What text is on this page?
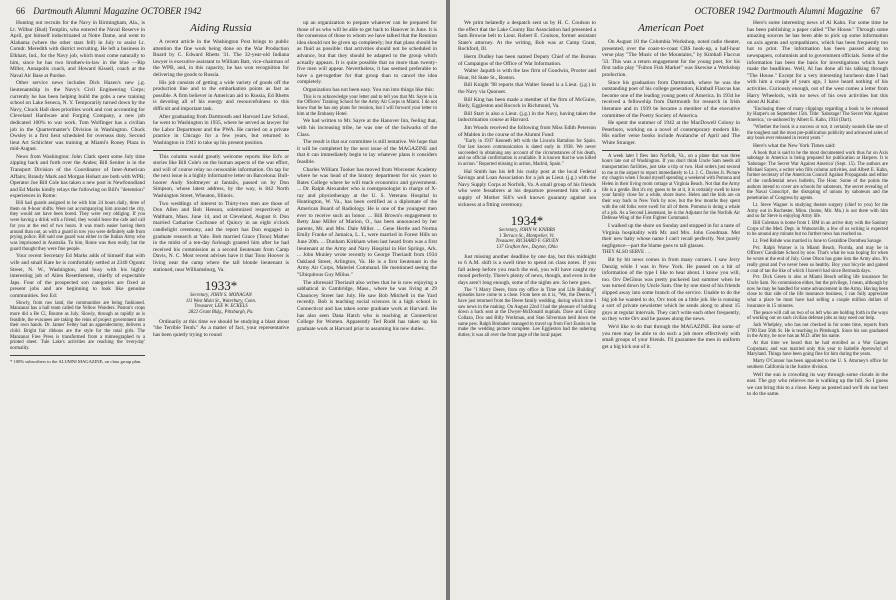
66 Dartmouth Alumni Magazine OCTOBER 1942

Hunting out recruits for the Navy in Birmingham, Ala., is Lt. Wilbur (Bud) Templin, who entered the Naval Reserve in April, got himself indoctrinated at Notre Dame, and went to Alabama (where the other stars fell) in July to assist Lt. Comdr. Meredith with district recruiting. He left a business in Elkhart, Ind., for the Navy job, which must come naturally to him, since he has two brothers-in-law in the blue —Rip Miller, Annapolis coach, and Howard Kissell, coach at the Naval Air Base at Purdue.

Other service news includes Dick Hazen's new j.g. lieutenantship in the Navy's Civil Engineering Corps; currently he has been helping build the gobs a new training school on Lake Seneca, N. Y. Temporarily turned down by the Navy, Chuck Hall does priorities work and cost accounting for Cleveland Hardware and Forging Company, a new job dedicated 100% to war work. Tom Wolfinger has a civilian job in the Quartermaster's Division in Washington. Chuck Owsley is a first lieut scheduled for overseas duty. Second lieut Art Schlichter was training at Miami's Roney Plaza in mid-August.

News from Washington: John Clark spent some July time zipping back and forth over the Andes; Bill Seniter is in the Transport Division of the Coordinator of Inter-American Affairs; Brandy Mark and Morgan Hobart are both with WPB; Operator Joe Bill Cole has taken a new post in Newfoundland and Ed Marks kindly relays the following on Bill's "detention" experiences in Rome:

Bill had guards assigned to be with him 24 hours daily, three of them on 8-hour shifts. Were not accompanying him around the city, they would not have been bored. They were very obliging. If you were having a drink with a friend, they would leave the cafe and call for you at the end of two hours. It was much easier having them around than not, as with a guard in tow you were definitely safe from prying police. Bill said one guard was either in the Italian Army who was imprisoned in Australia. To him, Rome was then really, but the guard thought they were fine people.

Your recent Secretary Ed Marks adds of himself that with wife and small Kate he is comfortably settled at 2340 Ogontz Street, N. W., Washington, and busy with his highly interesting job of Alien Resettlement, chiefly of expectable Japs. Four of the prospected son categories are fixed at present jobs and are beginning to look like genuine communities. Sez Ed:

Slowly, from raw land, the communities are being fashioned. Manzanar has a hall team called the Yellow Wonders. Poston's crops more did a Be Ci, Bourne as July. Slowly, through as rapidly as is feasible, the evacuees are taking the reins of project government into their own hands. Dr. James' Feltey had an appendectomy, delivers a child. Bright fair ribbons are the style for the total girls. The Manzanar Free Press is transformed from a mimeographed to a printed sheet. Tule Lake's activities are reaching the 'everyday' normality.

* 100% subscribers to the ALUMNI MAGAZINE, on class group plan.
Aiding Russia

A recent article in the Washington Post brings to public attention the fine work being done on the War Production Board by C. Edward Rhetts '31. The 32-year-old Indiana lawyer is executive assistant to William Batt, vice-chairman of the WPB, and, in this capacity, he has won recognition for delivering the goods to Russia.

His job consists of getting a wide variety of goods off the production line and to the embarkation points as fast as possible. A firm believer in American aid to Russia, Ed Rhetts is devoting all of his energy and resourcefulness to this difficult and important task.

After graduating from Dartmouth and Harvard Law School, he went to Washington in 1935, where he served as lawyer for the Labor Department and the PWA. He carried on a private practice in Chicago for a few years, but returned to Washington in 1941 to take up his present position.

This column would greatly welcome reports like Ed's or stories like Bill Cole's on the human aspects of the war effort, and will of course relay no censorable information. On tap for the next issue is a highly informative letter on Barcelona: Bull-hoorer Andy Stoltmeyer at fantails, passed on by Don Simpson, whose latest address, by the way, is 842 North Washington Street, Wheaton, Illinois.

Two weddings of interest to Thirty-two men are those of Don Allen and Bob Henson, solemnized respectively at Waltham, Mass. June 14, and at Cleveland, August 8. Don married Catharine Cochrane of Quincy in an eight o'clock candlelight ceremony, and the report has Don engaged in graduate research at Yale. Bob married Grace (Tono) Mather in the midst of a ten-day furlough granted him after he had received his commission as a second lieutenant from Camp Davis, N. C. Most recent advises have it that Tono Hoover is living near the camp where the tall blonde lieutenant is stationed, near Williamsburg, Va.

1933*
Secretary, JOHN S. MONAGAN
111 West Main St., Waterbury, Conn.
Treasurer, LEE W. ECKELS
2822 Grant Bldg., Pittsburgh, Pa.

Ordinarily at this time we should be studying a blast about "the Terrible Tenth." As a matter of fact, your representative has been quietly trying to round

up an organization to prepare whatever can be prepared for those of us who will be able to get back to Hanover in June. It is the consensus of those to whom we have talked that the Reunion idea should not be given up completely; but that plans should be as fluid as possible: that activities should not be scheduled in advance, but that they should be adapted to the group which actually appears. It is quite possible that no more than twenty-five men will appear. Nevertheless, it has seemed preferable to have a get-together for that group than to cancel the idea completely.

Organization has not been easy. You run into things like this:

This is to acknowledge your letter and to tell you that Mr. Sayre is in the Officers' Training School for the Army Air Corps in Miami. I do not know that he has any plans for reunion, but I will forward your letter to him at the Embassy Hotel.

We had written to Mr. Sayre at the Hanover Inn, feeling that, with his increasing tribe, he was one of the bulwarks of the Class.

The result is that our committee is still tentative. We hope that it will be completed by the next issue of the MAGAZINE and that it can immediately begin to lay whatever plans it considers feasible.

Charles William Tooker has moved from Worcester Academy where he was head of the history department for six years to Bates College where he will teach economics and government. ... Dr. Ralph Alexander who is roentgenologist in charge of X-ray and physiotherapy at the U. S. Veterans Hospital in Huntington, W. Va., has been certified as a diplomate of the American Board of Radiology. He is one of the youngest men ever to receive such an honor. ... Bill Brown's engagement to Betty Jane Miller of Marion, O., has been announced by her parents, Mr. and Mrs. Dale Miller. ... Gene Hertle and Norma Emily Franke of Jamaica, L. I., were married in Forest Hills on June 20th. ... Dunham Kirkham when last heard from was a first lieutenant at the Army and Navy Hospital in Hot Springs, Ark. ... John Munley wrote recently to George Theriault from 1934 Oakland Street, Arlington, Va. He is a first lieutenant in the Army Air Corps, Materiel Command. He mentioned seeing the "Ubiquitous Guy Milius."

The aforesaid Theriault also writes that he is now enjoying a sabbatical in Cambridge, Mass., where he was living at 29 Chauncey Street last July. He saw Bob Mitchell in the Yard recently. Bob is teaching social sciences in a high school in Connecticut and has taken some graduate work at Harvard. He has also seen Dana Hatch who is teaching at Connecticut College for Women. Apparently Ted Rudd has taken up his graduate work at Harvard prior to assuming his new duties.

OCTOBER 1942 Dartmouth Alumni Magazine 67

We print belatedly a despatch sent us by H. C. Coulson to the effect that the Lake County Bar Association had presented a Sam Browne belt to Lieut. Robert E. Coulson, former assistant State's attorney. At the writing, Bob was at Camp Grant, Rockford, Ill.

Herm Dudley has been named Deputy Chief of the Bureau of Campaigns of the Office of War Information.

Walter Jaquith is with the law firm of Goodwin, Procter and Hoar, 84 State St., Boston.

Bill Knight '98 reports that Walter Snead is a Lieut. (j.g.) in the Navy via Quonset.

Bill King has been made a member of the firm of McGuire, Riely, Eggleston and Bocock in Richmond, Va.

Bill Starr is also a Lieut. (j.g.) in the Navy, having taken the indoctrination course at Harvard.

Jim Woods received the following from Miss Edith Peterson of Malden in the course of the Alumni Fund:

"Early in 1937 Kenneth left with the Lincoln Battalion for Spain. Our last known communication is dated early in 1938. We never succeeded in obtaining any account of the circumstances of his death, and no official confirmation is available. It is known that he was killed in action." Reported missing in action, Madrid, Spain."

Hal Smith has his left his cushy post at the local Federal Savings and Loan Association for a job as Lieut. (j.g.) with the Navy Supply Corps at Norfolk, Va. A small group of his friends who were fessabrers at his departure presented him with a supply of Mother Sill's well known guaranty against sea sickness at a fitting ceremony.

1934*
Secretary, JOHN W. KNIBBS
1 Terrace St., Montpelier, Vt.
Treasurer, RICHARD F. GRUEN
137 Grafton Ave., Dayton, Ohio

Just missing another deadline by one day, but this midnight to 6 A.M. shift is a swell time to spend on class notes. If you fall asleep before you reach the end, you will have caught my mood perfectly. There's plenty of news, though, and even in the days aren't long enough, some of the nights are. So here goes.

The "I Marry Deere, from my office in Time and Life Building" episodes have come to a close. From here on it is, "We, the Deeres." I have just returned from the Deere family wedding, during which time I saw news in the making. On August 22nd I had the pleasure of holding down a back seat at the Dwyer-McDonald nuptials. Dave and Ginny Collazo, Doc and Billy Workman, and Stan Silverman held down the same pew. Ralph Brubaker managed to travel up from Fort Eustis to be make the wedding picture complete. Lee Eggleston had the ushering duties; it was all over the front page of the local paper.

American Poet

On August 10 the Columbia Workshop, noted radio theater, presented, over the coast-to-coast CBS hook-up, a half-hour verse play "The Music of the Mountains," by Kimball Flaccus '33. This was a return engagement for the young poet, for his first radio play "Fulton Fish Market" was likewise a Workshop production.

Since his graduation from Dartmouth, where he was the outstanding poet of his college generation, Kimball Flaccus has become one of the leading young poets of America. In 1934 he received a fellowship from Dartmouth for research in Irish literature and in 1939 he became a member of the executive committee of the Poetry Society of America.

He spent the summer of 1942 at the MacDowell Colony in Peterboro, working on a novel of contemporary modern life. His earlier verse books include Avalanche of April and The White Stranger.

A week later I flew into Norfolk, Va., on a plane that was three hours late out of Washington. If you don't think Uncle Sam needs all transportation facilities, just take a trip or two. Had orders just second to me at the airport to report immediately to Lt. J. C. Davies Jr. Picture my chagrin when I found myself spending a weekend with Pomona and Helen in their living room cottage at Virginia Beach. Not that the Army life is a gentle. But it's my guess to be at it, it is certainly swell to have your family close for a while, shore leave. Helen and the kids are on their way back to New York by now, but the few months they spent with the old folks were swell for all of them. Pomona is doing a whale of a job. As a Second Lieutenant, he is the Adjutant for the Norfolk Air Defense Wing of the First Fighter Command.

I walked up the shore on Sunday and stopped in for a taste of Virginia hospitality with Mr. and Mrs. John Goodman. Met their new baby whose name I can't recall perfectly. Not purely negligence—part the blame goes to tall glasses.

THEY ALSO SERVE . . .

Bit by bit news comes in from many corners. I saw Jerry Danzig while I was in New York. He passed on a bit of information of the type I like to hear about. I know you will, too. Orv DeGlous was pretty puckered last summer when he was turned down by Uncle Sam. One by one most of his friends slipped away into some branch of the service. Unable to do the big job he wanted to do, Orv took on a little job. He is running a sort of private newsletter which he sends along to about 15 guys at regular intervals. They can't write each other frequently, so they write Orv and he passes along the news.

We'd like to do that through the MAGAZINE. But some of you men may be able to do such a job more effectively with small groups of your friends. I'll guarantee the men in uniform get a big kick out of it.

Here's some interesting news of Al Kahn. For some time he has been publishing a paper called "The House." Through some amazing sources he has been able to pick up some information on axis agents and sympathizers, which has been frequently too hot to print. The information has been passed along to newspapers, columnists and to government officials. Some of the information has been the basis for investigations which have made the headlines. Well, Al has done all his talking through "The House." Except for a very interesting luncheon date I had with him a couple of years ago, I have heard nothing of his activities. Curiously enough, out of the west comes a letter from Harry Wheelock, with no news of his own activities but this about Al Kahn:

"Enclosing three of many clippings regarding a book to be released by Harper's on September 15th. Title: 'Sabotage! The Secret War Against America,' co-authored by Albert E. Kahn, 1934 (Dart).

"Whether the book is a success or not, it certainly sounds like one of the toughest and the most pre-publication publicity and advanced sales of any book ever released in recent years."

Here's what the New York Times said:

A book that is said to be the most documented work thus far on Axis sabotage in America is being prepared for publication at Harpers. It is 'Sabotage: The Secret War Against America' (Sept. 15). The authors are Michael Sayers, a writer who fills column activities, and Albert E. Kahn, former secretary of the American Council Against Propaganda and editor of the confidential news bulletin, The Hour. Some of the points the authors intend to cover are schools for saboteurs, 'the secret revealing of the Naval Conscript', the disrupting of unions by saboteurs and the penetration of Congress by agents.

Lt. Steve Wagner is studying theatre surgery (chief to you) for the Army out in Rochester, Minn. (home, Mir. Mn.) is out there with him and so far Steve is enjoying Army life.

Bill Coleman is home from I. BM in an active duty with the Sanitary Corps of the Med. Dept. in Watsonville, a few of us writing is expected to be around any minute but no further news has reached us.

Lt. Fred Rohde was married in June to Geraldine Dorothea Savage.

Pvt. Ralph Warner is in Miami Beach, Florida, and may be in Officers' Candidate School by now. That's what he was hoping for when he wrote at the end of July. Gene Olson has gone into the Army also. It's really great and I've never been so healthy. Boy your bicycle and gained a coat of tan the like of which I haven't had since Bermuda days.

Pvt. Dick Green is also at Miami Beach selling life insurance for Uncle Sam. No commission either, but the privilege, I mean, although by now he may be handled for some advancement in the Army. Having been close to that side of the life insurance business, I can fully appreciate what a place he must have had selling a couple million dollars of insurance in 15 minutes.

The peace will call on two of us left who are holding forth in the ways of working out on such civilian defense jobs as may need our help.

Jack Whelpley, who has not checked in for some time, reports from 1700 East 56th St. He is teaching in Pittsburgh. Since his son graduated in the Army, he now has an M.D. after his name.

At that time we heard that he had enrolled as a War Ganges Corpsman; and was married only this year to Isabelle Ayerswhyl of Maryland. Things have been going fine for him during the years.

Marty O'Connor has been appointed to the U. S. Attorney's office for southern California in the Justice division.

Well the sun is crowding its way through some clouds in the east. The guy who relieves me is walking up the hill. So I guess we can bring this to a close. Keep us posted and we'll do our best to do the same.
